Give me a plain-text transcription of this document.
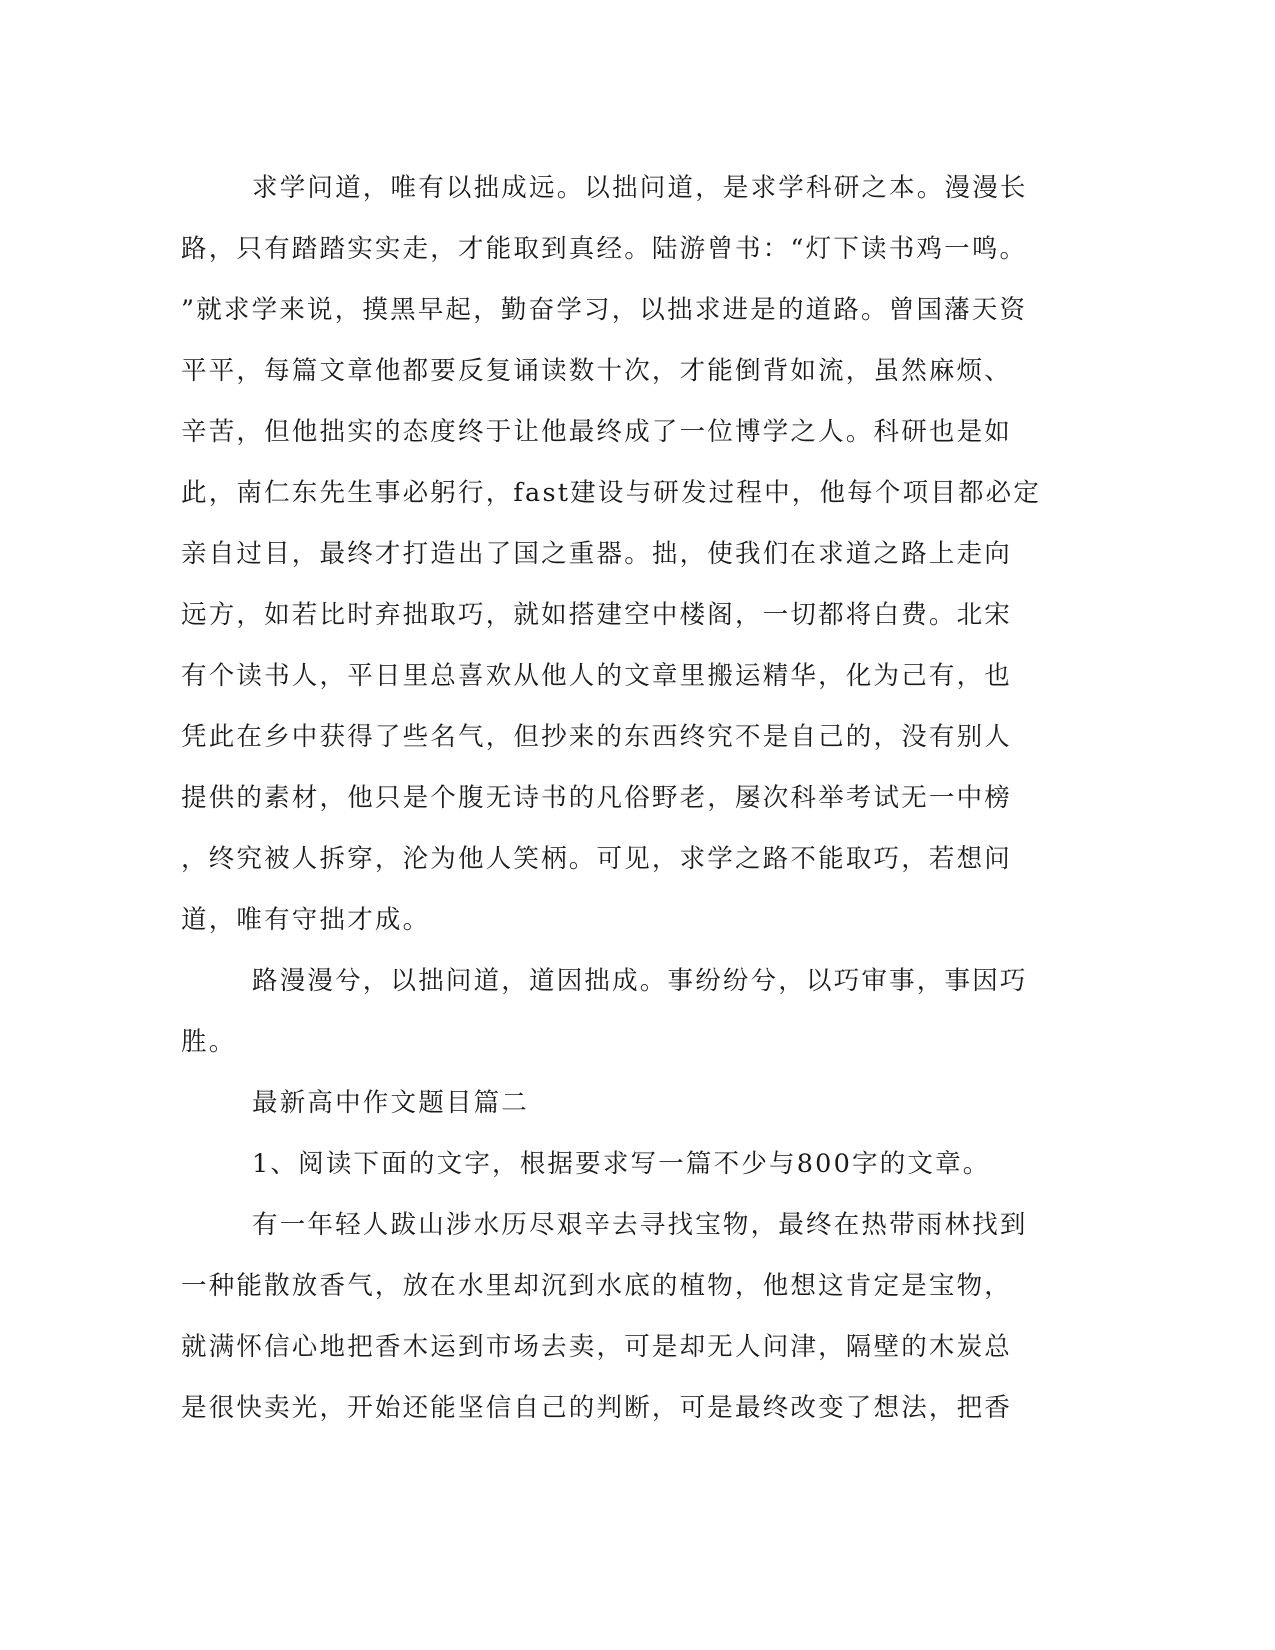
求学问道，唯有以拙成远。以拙问道，是求学科研之本。漫漫长
路，只有踏踏实实走，才能取到真经。陆游曾书：“灯下读书鸡一鸣。
”就求学来说，摸黑早起，勤奋学习，以拙求进是的道路。曾国藩天资
平平，每篇文章他都要反复诵读数十次，才能倒背如流，虽然麻烦、
辛苦，但他拙实的态度终于让他最终成了一位博学之人。科研也是如
此，南仁东先生事必躬行，fast建设与研发过程中，他每个项目都必定
亲自过目，最终才打造出了国之重器。拙，使我们在求道之路上走向
远方，如若比时弃拙取巧，就如搭建空中楼阁，一切都将白费。北宋
有个读书人，平日里总喜欢从他人的文章里搬运精华，化为己有，也
凭此在乡中获得了些名气，但抄来的东西终究不是自己的，没有别人
提供的素材，他只是个腹无诗书的凡俗野老，屡次科举考试无一中榜
，终究被人拆穿，沦为他人笑柄。可见，求学之路不能取巧，若想问
道，唯有守拙才成。
路漫漫兮，以拙问道，道因拙成。事纷纷兮，以巧审事，事因巧
胜。
最新高中作文题目篇二
1、阅读下面的文字，根据要求写一篇不少与800字的文章。
有一年轻人跋山涉水历尽艰辛去寻找宝物，最终在热带雨林找到
一种能散放香气，放在水里却沉到水底的植物，他想这肯定是宝物，
就满怀信心地把香木运到市场去卖，可是却无人问津，隔壁的木炭总
是很快卖光，开始还能坚信自己的判断，可是最终改变了想法，把香
